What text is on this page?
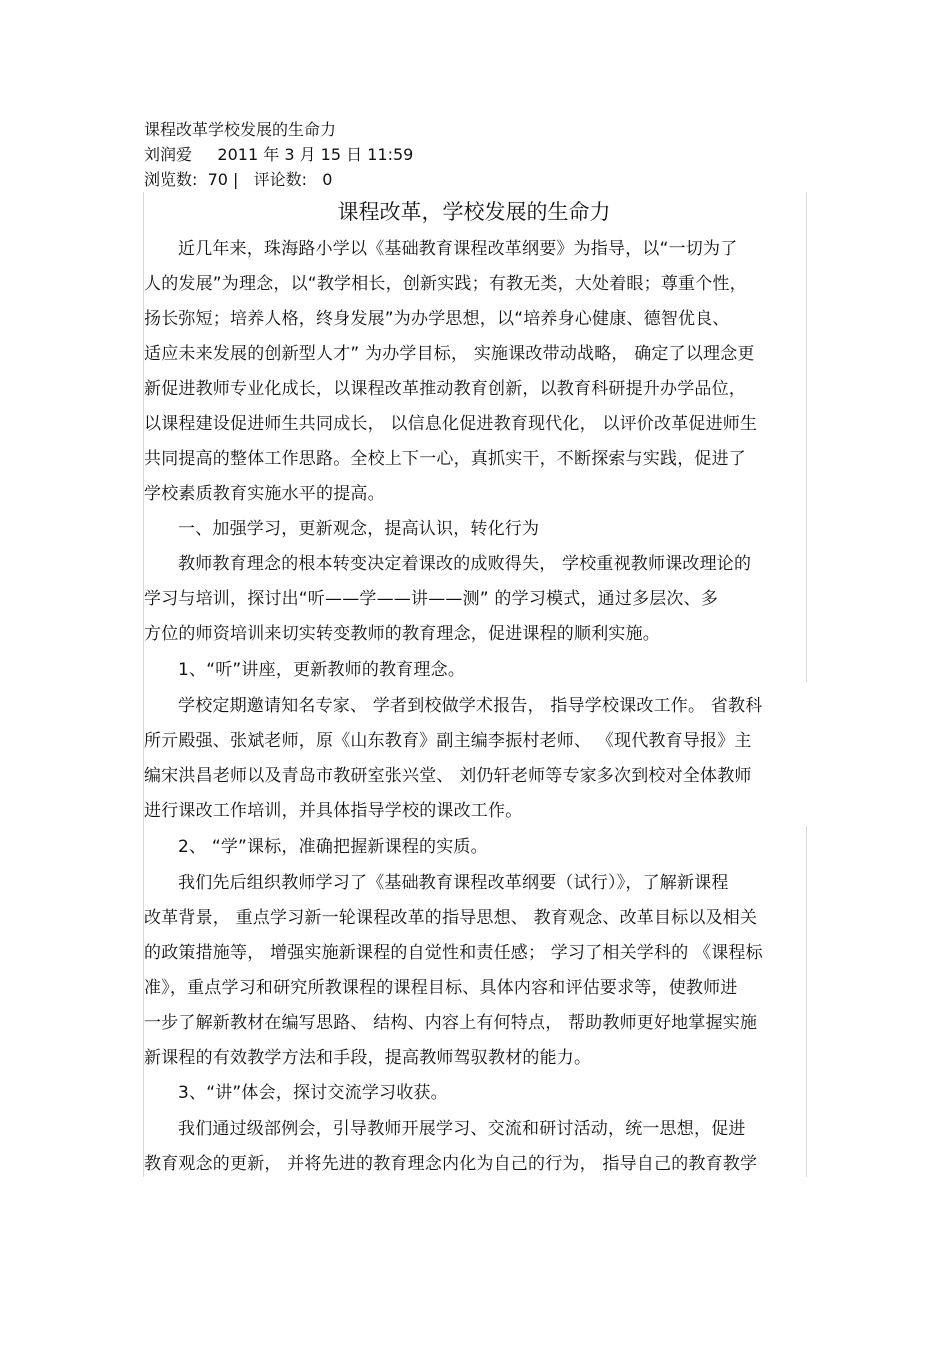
课程改革学校发展的生命力
刘润爱     2011 年 3 月 15 日 11:59
浏览数:  70 |   评论数:   0
课程改革，学校发展的生命力
近几年来，珠海路小学以《基础教育课程改革纲要》为指导，以“一切为了
人的发展”为理念，以“教学相长，创新实践；有教无类，大处着眼；尊重个性，
扬长弥短；培养人格，终身发展”为办学思想，以“培养身心健康、德智优良、
适应未来发展的创新型人才” 为办学目标， 实施课改带动战略， 确定了以理念更
新促进教师专业化成长，以课程改革推动教育创新，以教育科研提升办学品位，
以课程建设促进师生共同成长， 以信息化促进教育现代化， 以评价改革促进师生
共同提高的整体工作思路。全校上下一心，真抓实干，不断探索与实践，促进了
学校素质教育实施水平的提高。
一、加强学习，更新观念，提高认识，转化行为
教师教育理念的根本转变决定着课改的成败得失， 学校重视教师课改理论的
学习与培训，探讨出“听——学——讲——测” 的学习模式，通过多层次、多
方位的师资培训来切实转变教师的教育理念，促进课程的顺利实施。
1、“听”讲座，更新教师的教育理念。
学校定期邀请知名专家、 学者到校做学术报告， 指导学校课改工作。 省教科
所亓殿强、张斌老师，原《山东教育》副主编李振村老师、 《现代教育导报》主
编宋洪昌老师以及青岛市教研室张兴堂、 刘仍轩老师等专家多次到校对全体教师
进行课改工作培训，并具体指导学校的课改工作。
2、 “学”课标，准确把握新课程的实质。
我们先后组织教师学习了《基础教育课程改革纲要（试行）》，了解新课程
改革背景， 重点学习新一轮课程改革的指导思想、 教育观念、改革目标以及相关
的政策措施等， 增强实施新课程的自觉性和责任感； 学习了相关学科的 《课程标
准》，重点学习和研究所教课程的课程目标、具体内容和评估要求等，使教师进
一步了解新教材在编写思路、 结构、内容上有何特点， 帮助教师更好地掌握实施
新课程的有效教学方法和手段，提高教师驾驭教材的能力。
3、“讲”体会，探讨交流学习收获。
我们通过级部例会，引导教师开展学习、交流和研讨活动，统一思想，促进
教育观念的更新， 并将先进的教育理念内化为自己的行为， 指导自己的教育教学
